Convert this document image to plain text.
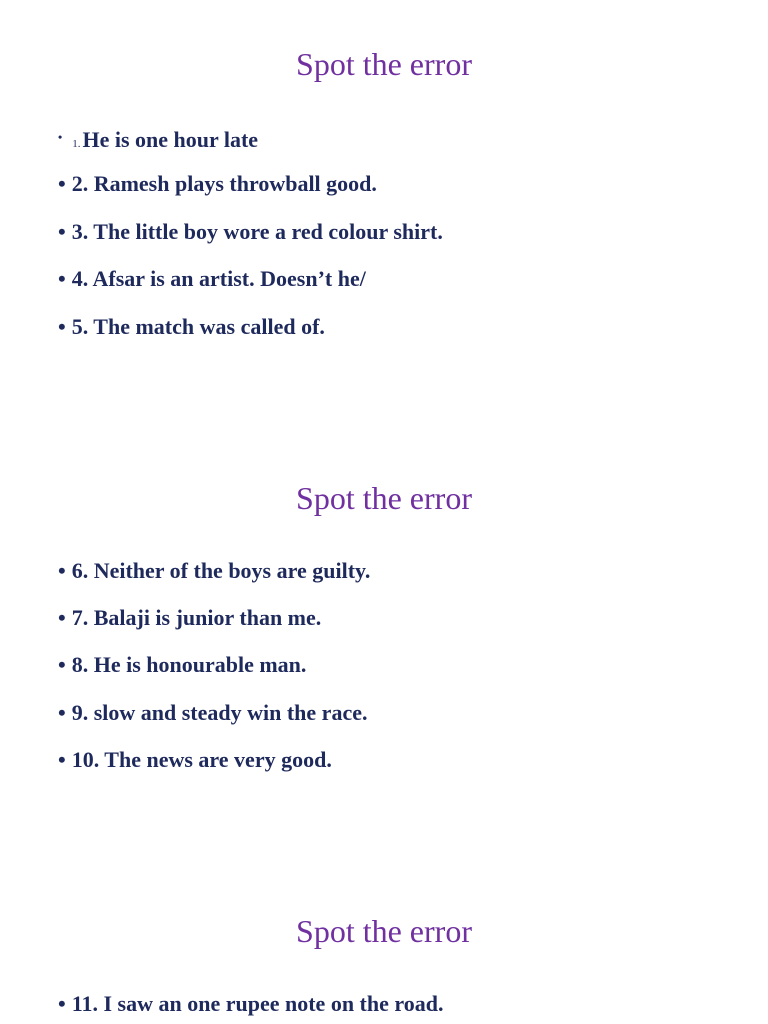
Spot the error
• 1.He is one hour late
• 2. Ramesh plays throwball good.
• 3. The little boy wore a red colour shirt.
• 4. Afsar is an artist. Doesn’t he/
• 5. The match was called of.
Spot the error
• 6. Neither of the boys are guilty.
• 7. Balaji is junior than me.
• 8. He is honourable man.
• 9. slow and steady win the race.
• 10. The news are very good.
Spot the error
• 11. I saw an one rupee note on the road.
